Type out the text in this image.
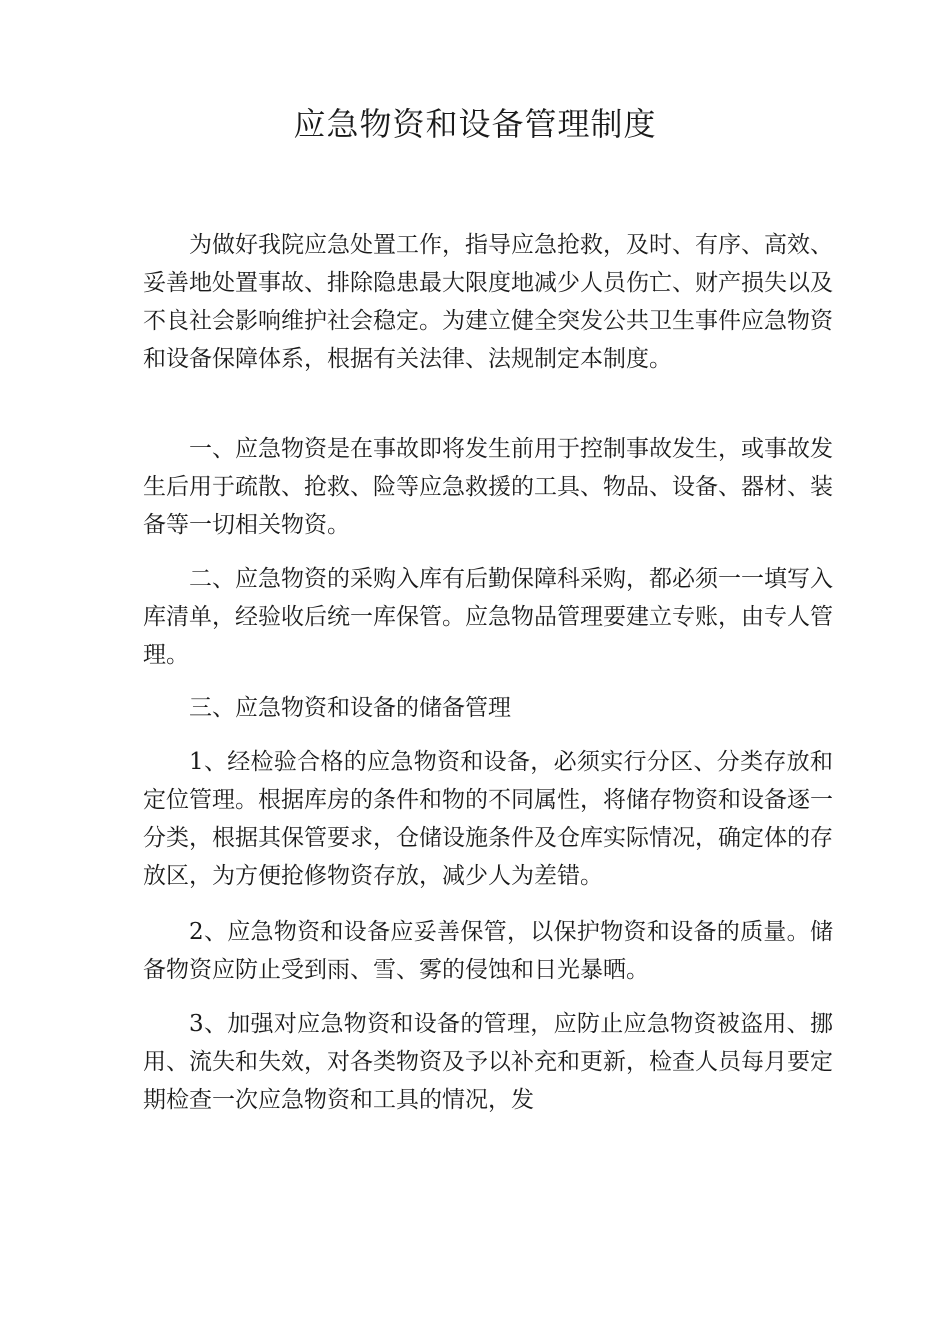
应急物资和设备管理制度

为做好我院应急处置工作，指导应急抢救，及时、有序、高效、妥善地处置事故、排除隐患最大限度地减少人员伤亡、财产损失以及不良社会影响维护社会稳定。为建立健全突发公共卫生事件应急物资和设备保障体系，根据有关法律、法规制定本制度。

一、应急物资是在事故即将发生前用于控制事故发生，或事故发生后用于疏散、抢救、险等应急救援的工具、物品、设备、器材、装备等一切相关物资。

二、应急物资的采购入库有后勤保障科采购，都必须一一填写入库清单，经验收后统一库保管。应急物品管理要建立专账，由专人管理。

三、应急物资和设备的储备管理

1、经检验合格的应急物资和设备，必须实行分区、分类存放和定位管理。根据库房的条件和物的不同属性，将储存物资和设备逐一分类，根据其保管要求，仓储设施条件及仓库实际情况，确定体的存放区，为方便抢修物资存放，减少人为差错。

2、应急物资和设备应妥善保管，以保护物资和设备的质量。储备物资应防止受到雨、雪、雾的侵蚀和日光暴晒。

3、加强对应急物资和设备的管理，应防止应急物资被盗用、挪用、流失和失效，对各类物资及予以补充和更新，检查人员每月要定期检查一次应急物资和工具的情况，发
